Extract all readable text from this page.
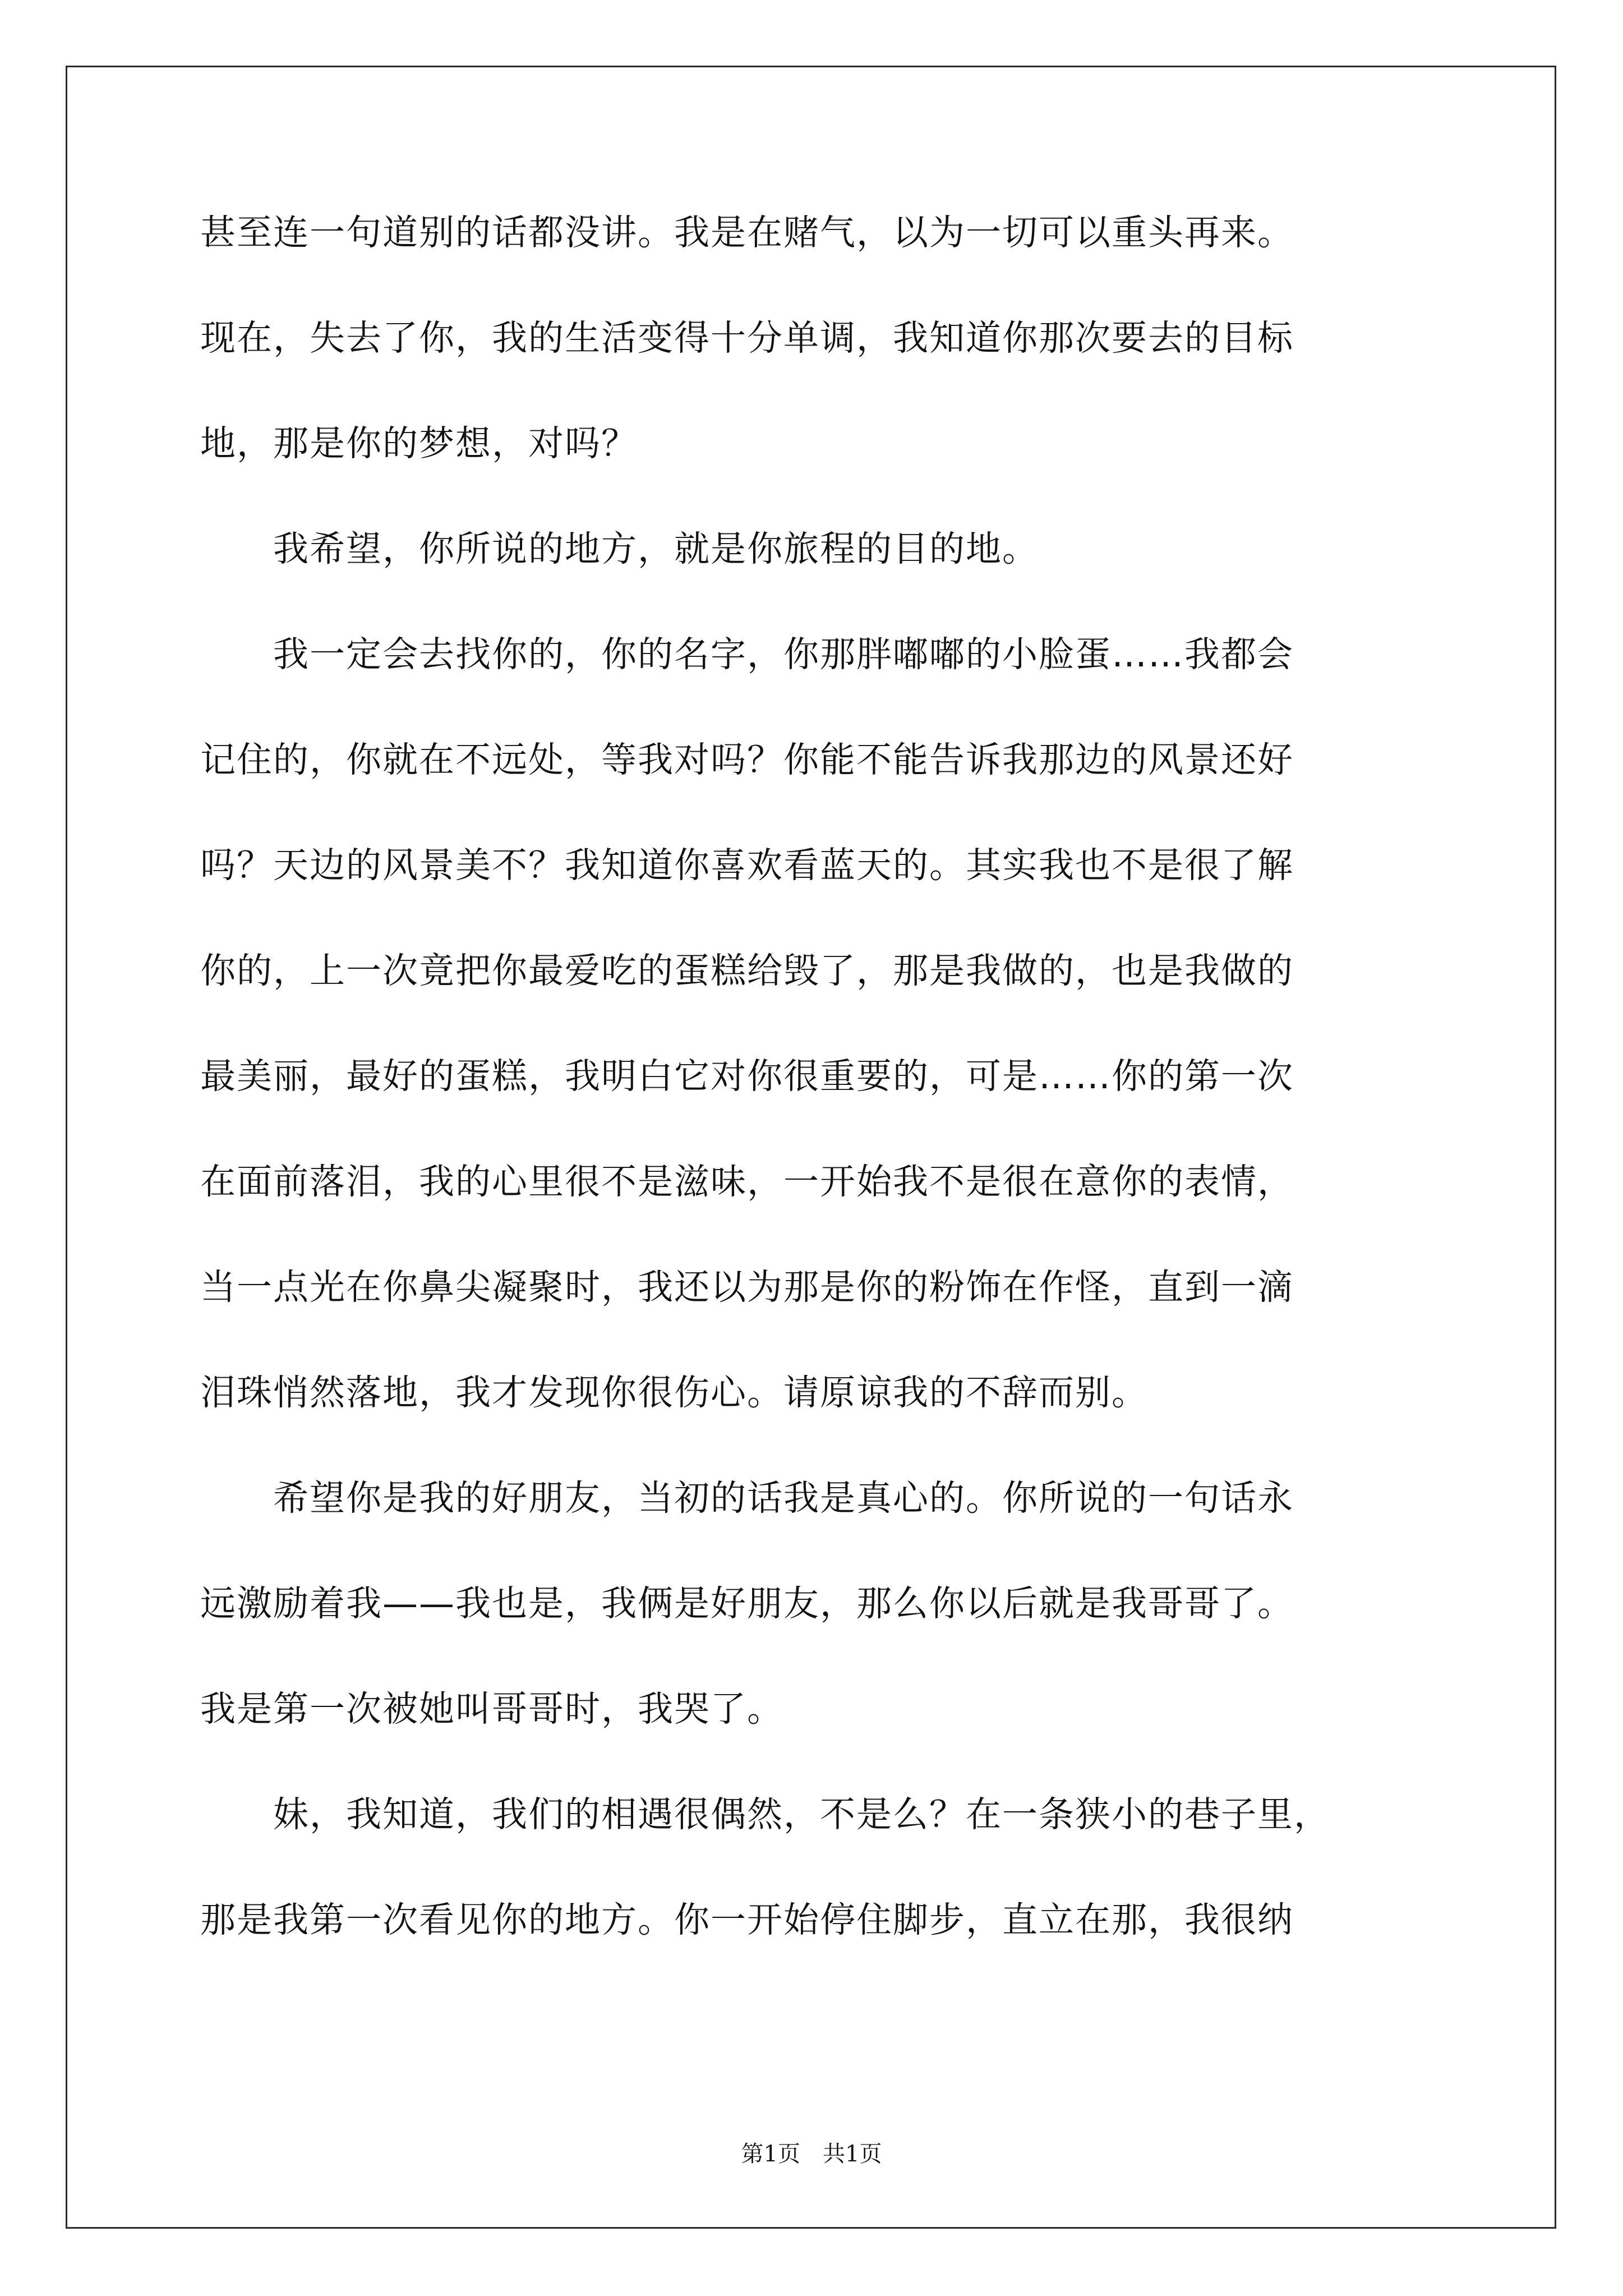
甚至连一句道别的话都没讲。我是在赌气，以为一切可以重头再来。
现在，失去了你，我的生活变得十分单调，我知道你那次要去的目标
地，那是你的梦想，对吗？
　　我希望，你所说的地方，就是你旅程的目的地。
　　我一定会去找你的，你的名字，你那胖嘟嘟的小脸蛋……我都会
记住的，你就在不远处，等我对吗？你能不能告诉我那边的风景还好
吗？天边的风景美不？我知道你喜欢看蓝天的。其实我也不是很了解
你的，上一次竟把你最爱吃的蛋糕给毁了，那是我做的，也是我做的
最美丽，最好的蛋糕，我明白它对你很重要的，可是……你的第一次
在面前落泪，我的心里很不是滋味，一开始我不是很在意你的表情，
当一点光在你鼻尖凝聚时，我还以为那是你的粉饰在作怪，直到一滴
泪珠悄然落地，我才发现你很伤心。请原谅我的不辞而别。
　　希望你是我的好朋友，当初的话我是真心的。你所说的一句话永
远激励着我——我也是，我俩是好朋友，那么你以后就是我哥哥了。
我是第一次被她叫哥哥时，我哭了。
　　妹，我知道，我们的相遇很偶然，不是么？在一条狭小的巷子里，
那是我第一次看见你的地方。你一开始停住脚步，直立在那，我很纳
第1页　共1页
